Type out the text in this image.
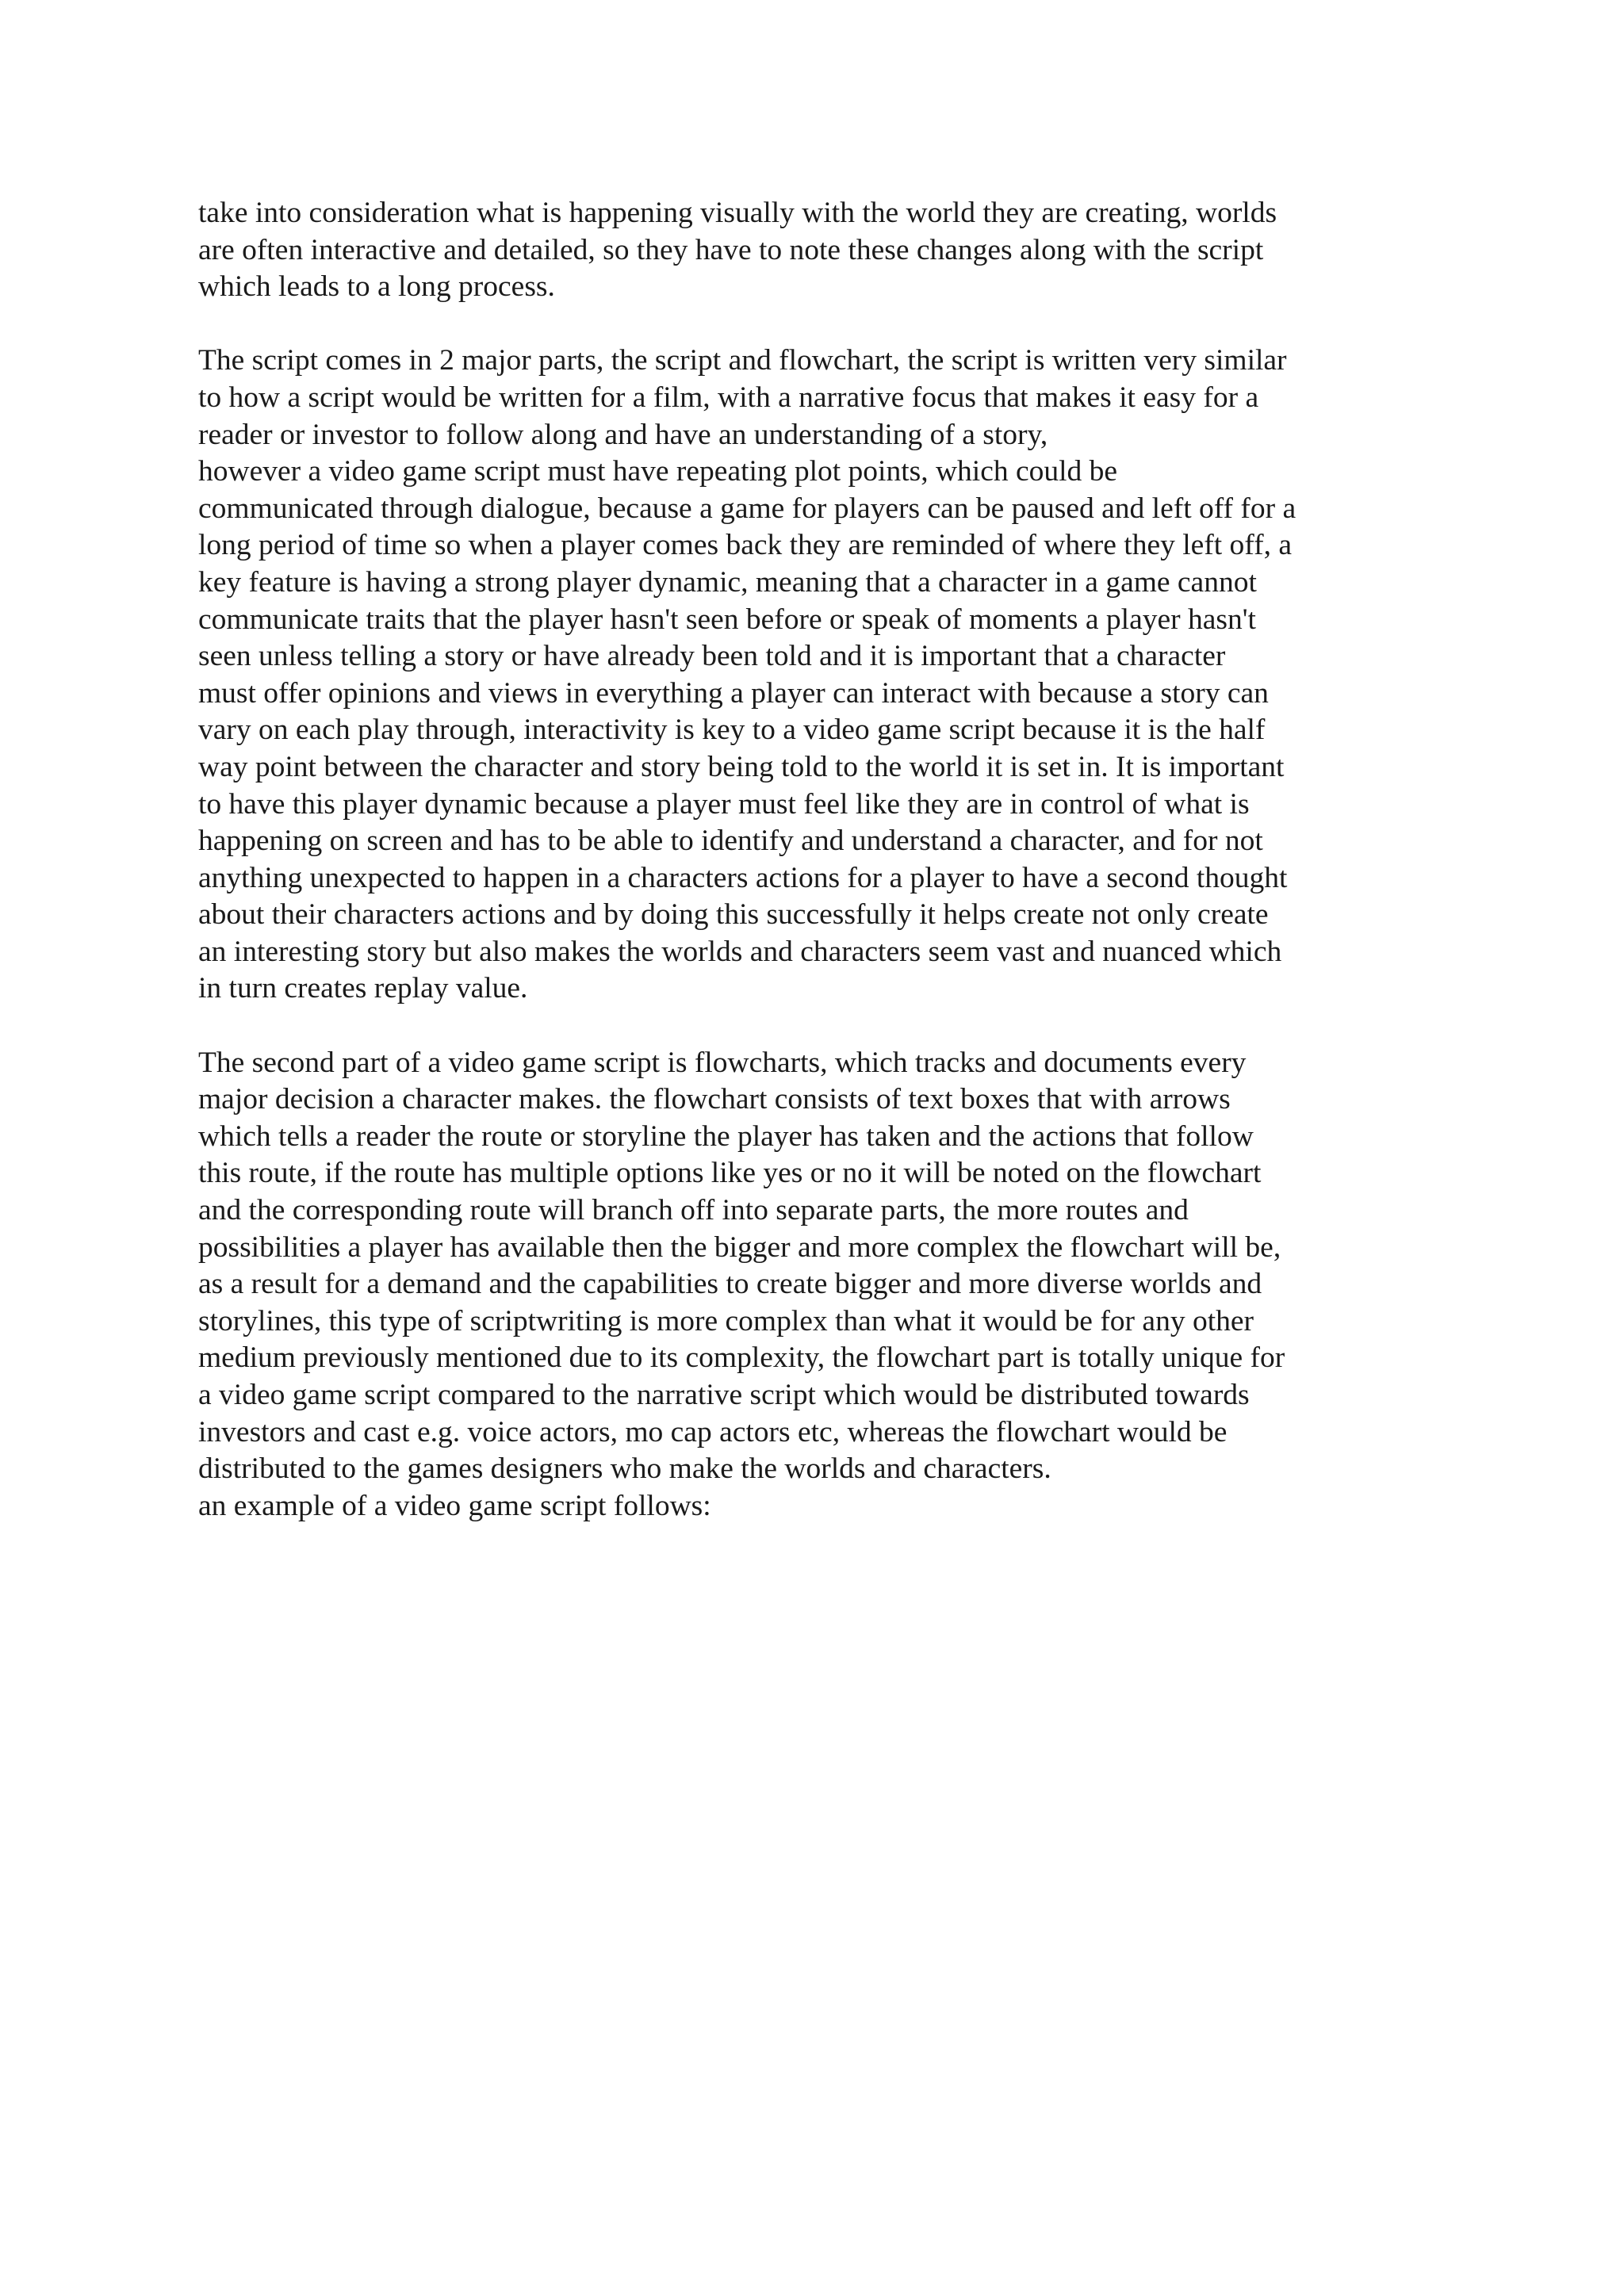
take into consideration what is happening visually with the world they are creating, worlds
are often interactive and detailed, so they have to note these changes along with the script
which leads to a long process.
The script comes in 2 major parts, the script and flowchart, the script is written very similar
to how a script would be written for a film, with a narrative focus that makes it easy for a
reader or investor to follow along and have an understanding of a story,
however a video game script must have repeating plot points, which could be
communicated through dialogue, because a game for players can be paused and left off for a
long period of time so when a player comes back they are reminded of where they left off, a
key feature is having a strong player dynamic, meaning that a character in a game cannot
communicate traits that the player hasn't seen before or speak of moments a player hasn't
seen unless telling a story or have already been told and it is important that a character
must offer opinions and views in everything a player can interact with because a story can
vary on each play through, interactivity is key to a video game script because it is the half
way point between the character and story being told to the world it is set in. It is important
to have this player dynamic because a player must feel like they are in control of what is
happening on screen and has to be able to identify and understand a character, and for not
anything unexpected to happen in a characters actions for a player to have a second thought
about their characters actions and by doing this successfully it helps create not only create
an interesting story but also makes the worlds and characters seem vast and nuanced which
in turn creates replay value.
The second part of a video game script is flowcharts, which tracks and documents every
major decision a character makes. the flowchart consists of text boxes that with arrows
which tells a reader the route or storyline the player has taken and the actions that follow
this route, if the route has multiple options like yes or no it will be noted on the flowchart
and the corresponding route will branch off into separate parts, the more routes and
possibilities a player has available then the bigger and more complex the flowchart will be,
as a result for a demand and the capabilities to create bigger and more diverse worlds and
storylines, this type of scriptwriting is more complex than what it would be for any other
medium previously mentioned due to its complexity, the flowchart part is totally unique for
a video game script compared to the narrative script which would be distributed towards
investors and cast e.g. voice actors, mo cap actors etc, whereas the flowchart would be
distributed to the games designers who make the worlds and characters.
an example of a video game script follows:
